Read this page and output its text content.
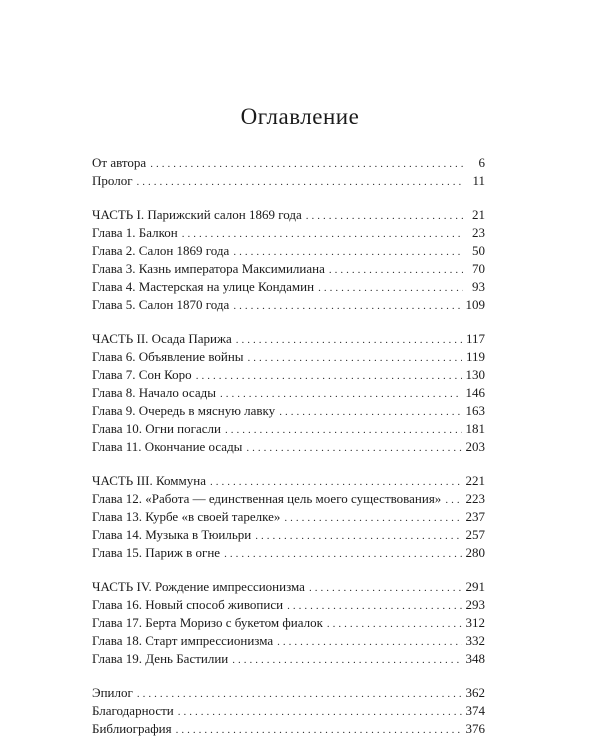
Оглавление
От автора .....	6
Пролог .....	11
ЧАСТЬ I. Парижский салон 1869 года .....	21
Глава 1. Балкон .....	23
Глава 2. Салон 1869 года .....	50
Глава 3. Казнь императора Максимилиана .....	70
Глава 4. Мастерская на улице Кондамин .....	93
Глава 5. Салон 1870 года .....	109
ЧАСТЬ II. Осада Парижа .....	117
Глава 6. Объявление войны .....	119
Глава 7. Сон Коро .....	130
Глава 8. Начало осады .....	146
Глава 9. Очередь в мясную лавку .....	163
Глава 10. Огни погасли .....	181
Глава 11. Окончание осады .....	203
ЧАСТЬ III. Коммуна .....	221
Глава 12. «Работа — единственная цель моего существования» ..... 223
Глава 13. Курбе «в своей тарелке» .....	237
Глава 14. Музыка в Тюильри .....	257
Глава 15. Париж в огне .....	280
ЧАСТЬ IV. Рождение импрессионизма .....	291
Глава 16. Новый способ живописи .....	293
Глава 17. Берта Моризо с букетом фиалок .....	312
Глава 18. Старт импрессионизма .....	332
Глава 19. День Бастилии .....	348
Эпилог .....	362
Благодарности .....	374
Библиография .....	376
